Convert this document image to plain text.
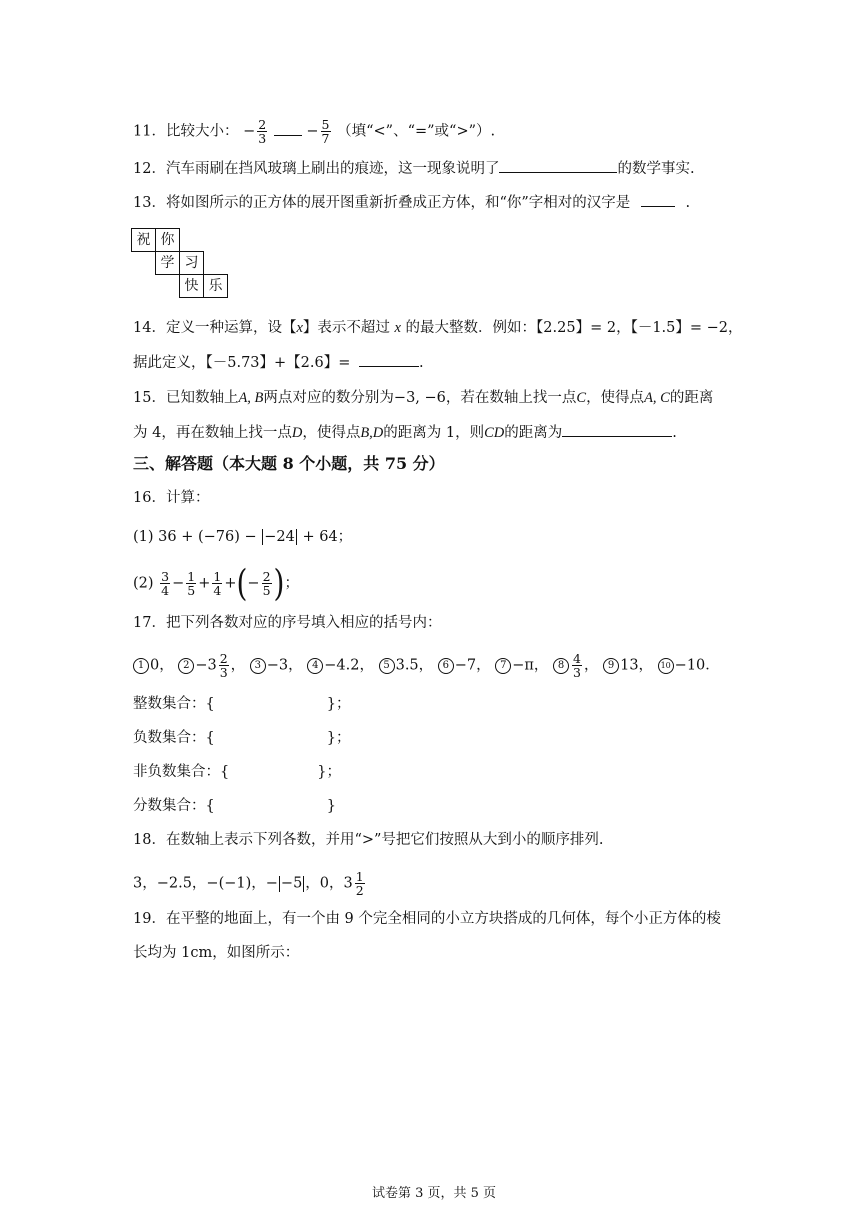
11．比较大小： − $\frac{2}{3}$	− $\frac{5}{7}$ （填“<”、“=”或“>”）.
12．汽车雨刷在挡风玻璃上刷出的痕迹，这一现象说明了	的数学事实.
13．将如图所示的正方体的展开图重新折叠成正方体，和“你”字相对的汉字是	.
祝 你
学 习
快 乐
14．定义一种运算，设【x】表示不超过 x 的最大整数．例如：【2.25】= 2，【－1.5】= −2，
据此定义，【－5.73】+【2.6】=	.
15．已知数轴上A, B两点对应的数分别为−3, −6，若在数轴上找一点C，使得点A, C的距离
为 4，再在数轴上找一点D，使得点B,D的距离为 1，则CD的距离为	.
三、解答题（本大题 8 个小题，共 75 分）
16．计算：
(1) 36 + (−76) − −24 + 64；
$(2) \frac{3}{4} - \frac{1}{5} + \frac{1}{4}$ +(− $\frac{2}{5}$ )；
17．把下列各数对应的序号填入相应的括号内：
1 0， $2 -3 \frac{2}{3}$ ， 3 −3， 4 −4.2， 5 3.5， 6 −7， 7 −π， $8 \frac{4}{3}$ ， 9 13， 10 −10．
整数集合：{	}；
负数集合：{	}；
非负数集合：{	}；
分数集合：{	}
18．在数轴上表示下列各数，并用“>”号把它们按照从大到小的顺序排列.
3，−2.5，−(−1)，− −5 ，0，$3 \frac{1}{2}$
19．在平整的地面上，有一个由 9 个完全相同的小立方块搭成的几何体，每个小正方体的棱
长均为 1cm，如图所示：
试卷第 3 页，共 5 页
